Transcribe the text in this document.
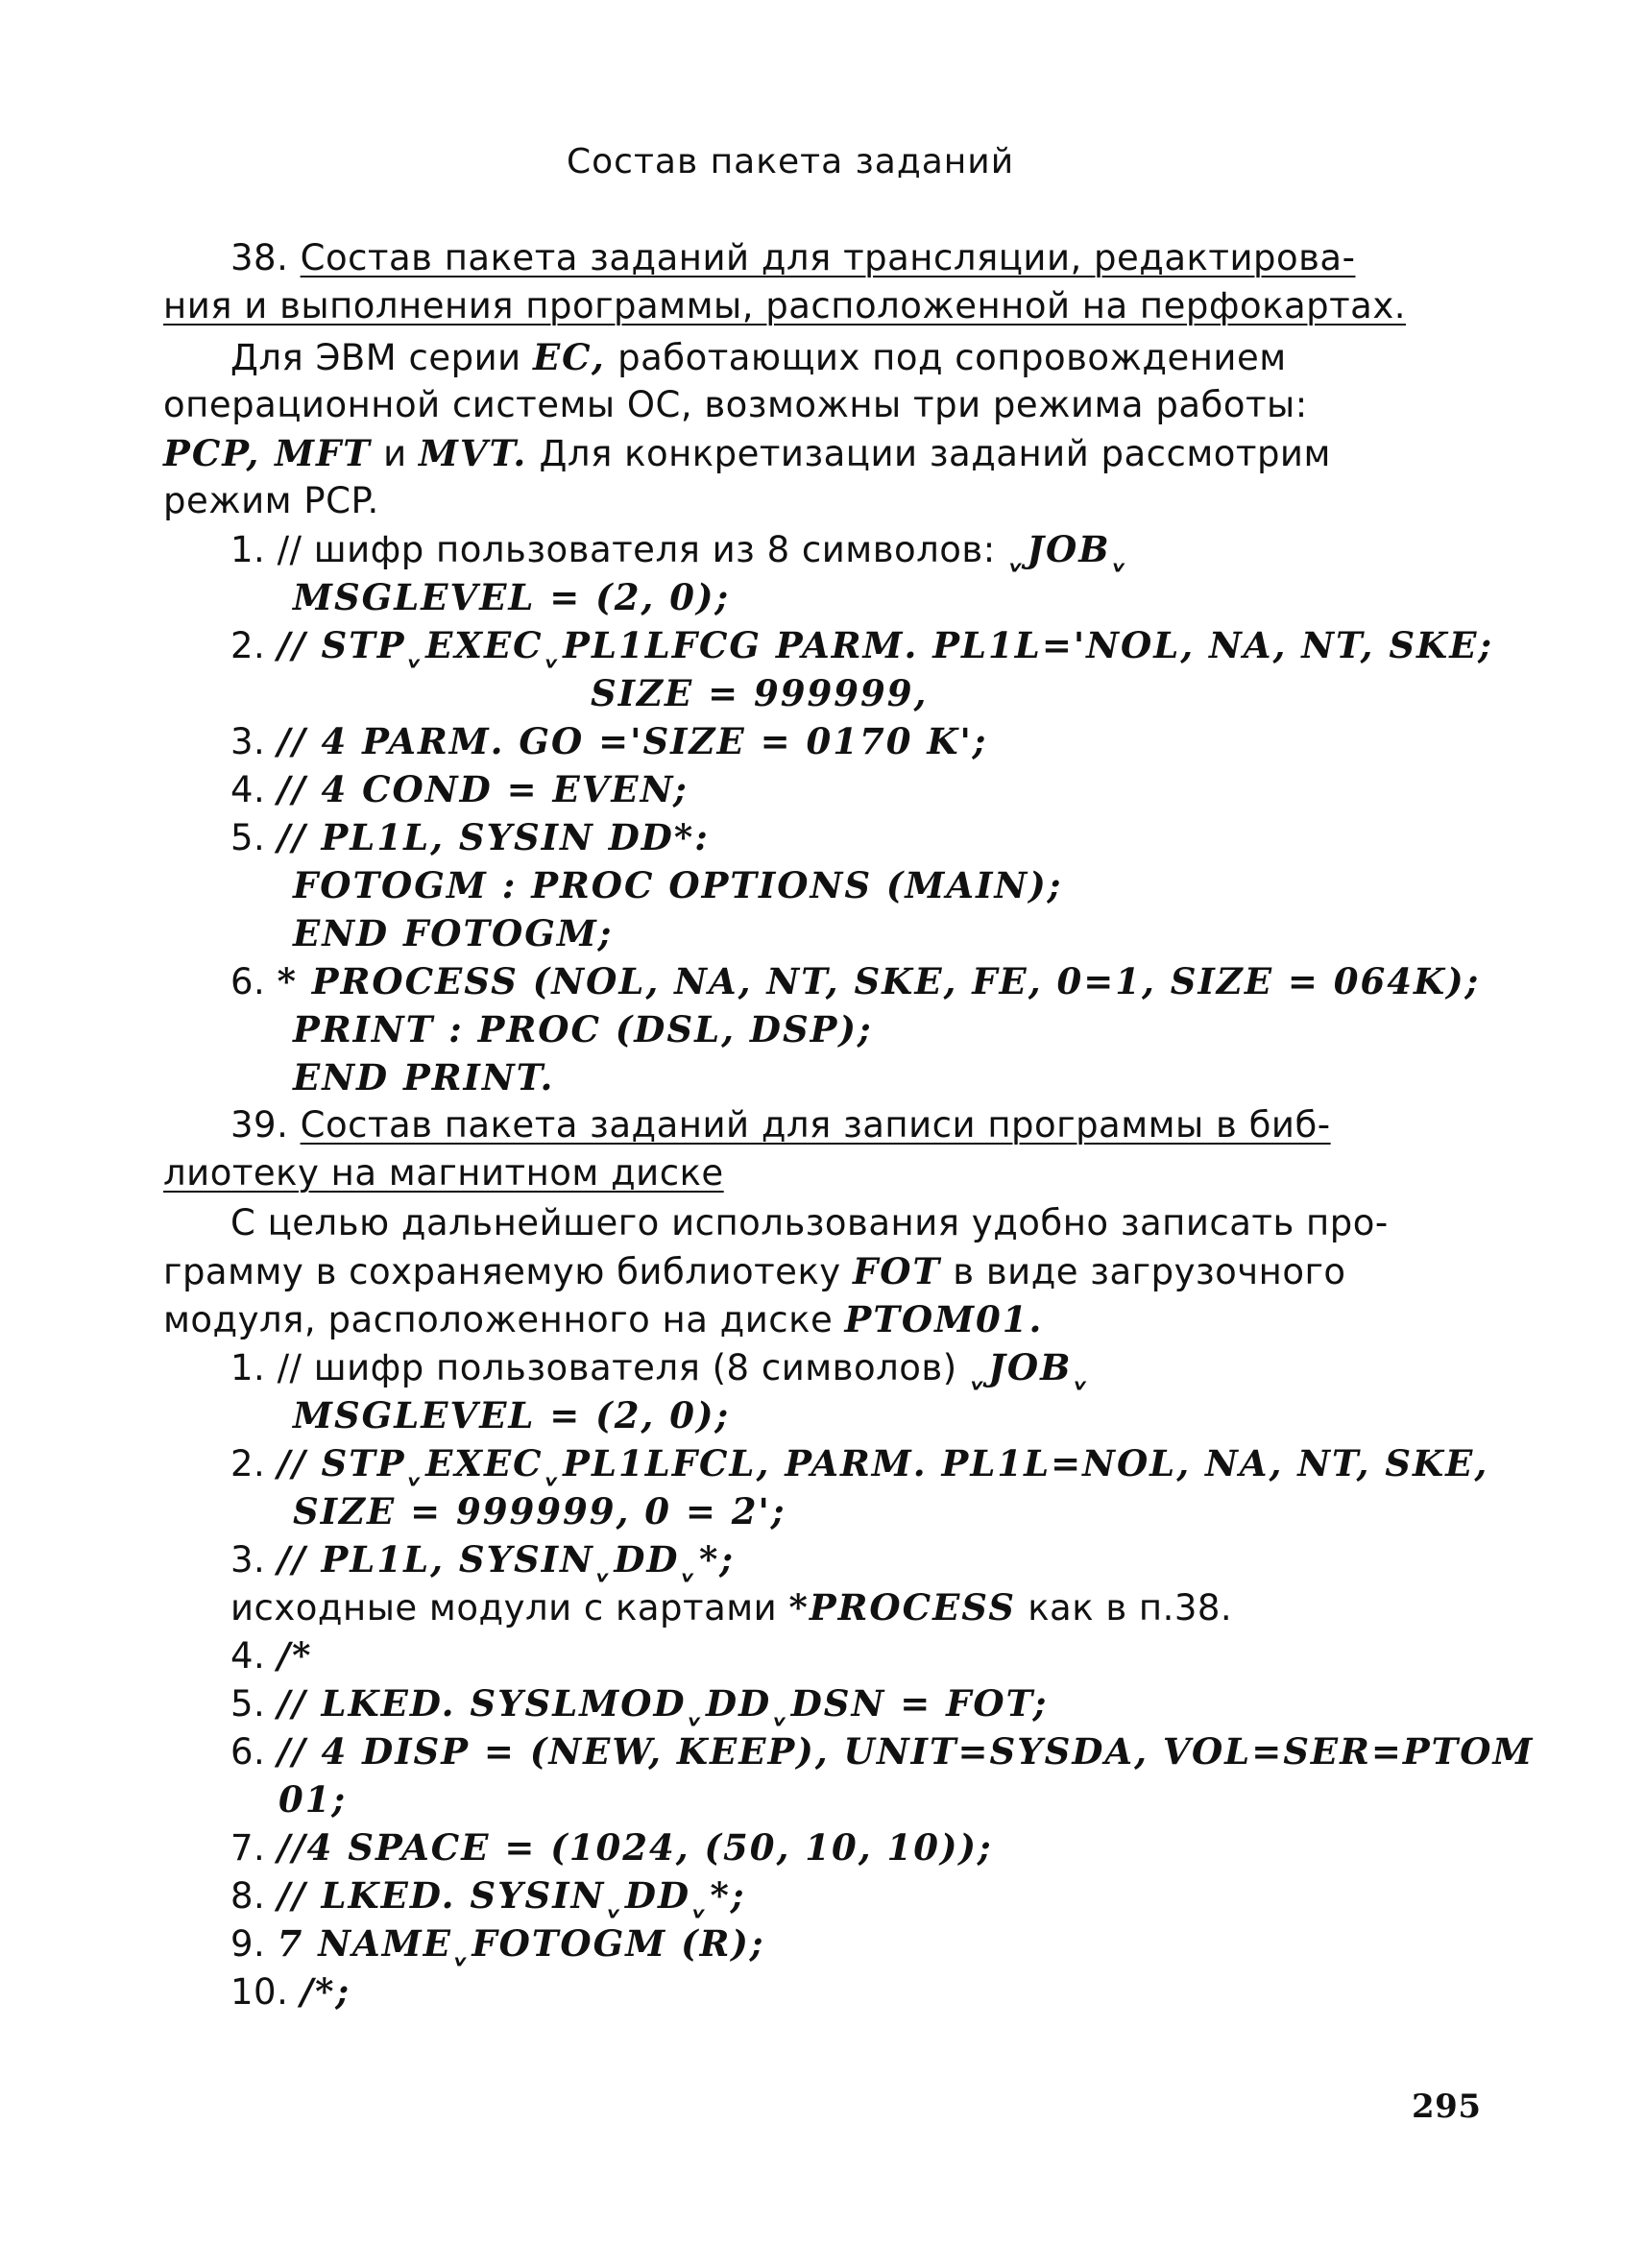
Состав пакета заданий
38. Состав пакета заданий для трансляции, редактирова-
ния и выполнения программы, расположенной на перфокартах.
Для ЭВМ серии EC, работающих под сопровождением
операционной системы ОС, возможны три режима работы:
PCP, MFT и MVT. Для конкретизации заданий рассмотрим
режим PCP.
1. // шифр пользователя из 8 символов: ˬJOBˬ
MSGLEVEL = (2, 0);
2. // STPˬEXECˬPL1LFCG PARM. PL1L='NOL, NA, NT, SKE;
SIZE = 999999,
3. // 4 PARM. GO ='SIZE = 0170 K';
4. // 4 COND = EVEN;
5. // PL1L, SYSIN DD*:
FOTOGM : PROC OPTIONS (MAIN);
END FOTOGM;
6. * PROCESS (NOL, NA, NT, SKE, FE, 0=1, SIZE = 064K);
PRINT : PROC (DSL, DSP);
END PRINT.
39. Состав пакета заданий для записи программы в биб-
лиотеку на магнитном диске
С целью дальнейшего использования удобно записать про-
грамму в сохраняемую библиотеку FOT в виде загрузочного
модуля, расположенного на диске PTOM01.
1. // шифр пользователя (8 символов) ˬJOBˬ
MSGLEVEL = (2, 0);
2. // STPˬEXECˬPL1LFCL, PARM. PL1L=NOL, NA, NT, SKE,
SIZE = 999999, 0 = 2';
3. // PL1L, SYSINˬDDˬ*;
исходные модули с картами *PROCESS как в п.38.
4. /*
5. // LKED. SYSLMODˬDDˬDSN = FOT;
6. // 4 DISP = (NEW, KEEP), UNIT=SYSDA, VOL=SER=PTOM
01;
7. //4 SPACE = (1024, (50, 10, 10));
8. // LKED. SYSINˬDDˬ*;
9. 7 NAMEˬFOTOGM (R);
10. /*;
295
